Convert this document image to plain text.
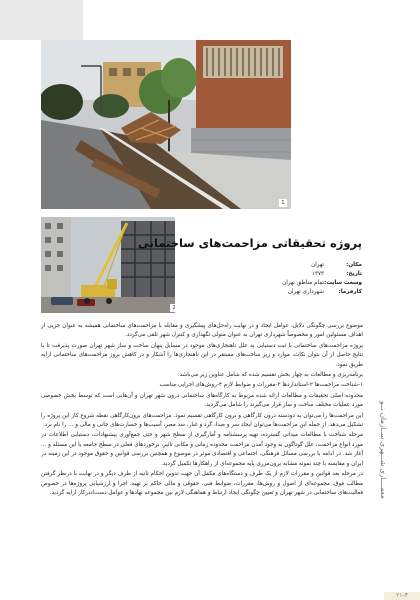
1
2
پروژه تحقیقاتی مزاحمت‌های ساختمانی
مکان:
تهران
تاریخ:
۱۳۷۳
وسعت سایت:
تمام مناطق تهران
کارفرما:
شهرداری تهران

موضوع بررسی چگونگی دلایل، عوامل ایجاد و در نهایت راه‌حل‌های پیشگیری و مقابله با مزاحمت‌های ساختمانی همیشه به عنوان جزیی از اهداف مسئولین امور و مخصوصاً شهرداری تهران به عنوان متولی نگهداری و کنترل شهر تلقی می‌گردد.

پروژه مزاحمت‌های ساختمانی با ثبت دستیابی به علل ناهنجاری‌های موجود در مسایل پنهان ساخت و ساز شهر تهران صورت پذیرفت تا با نتایج حاصل از آن بتوان نکات، موارد و زیر ساخت‌های مستقر در این ناهنجاری‌ها را آشکار و در کاهش بروز مزاحمت‌های ساختمانی ارایه طریق نمود.

برنامه‌ریزی و مطالعات به چهار بخش تقسیم شده که شامل عناوین زیر می‌باشد:

۱-شناخت مزاحمت‌ها ۲-استانداردها ۳-مقررات و ضوابط لازم ۴-روش‌های اجرایی مناسب

محدوده اصلی تحقیقات و مطالعات ارائه شده مربوط به کارگاه‌های ساختمانی درون شهر تهران و آن‌هایی است که توسط بخش خصوصی مورد عملیات مختلف ساخت و ساز قرار می‌گیرند را شامل می‌گردید.

این مزاحمت‌ها را می‌توان به دودسته درون کارگاهی و برون کارگاهی تقسیم نمود. مزاحمت‌های برون‌کارگاهی نقطه شروع کار این پروژه را تشکیل می‌دهد. از جمله این مزاحمت‌ها می‌توان ایجاد سر و صدا، گرد و غبار، سد معبر، آسیب‌ها و خسارت‌های جانی و مالی و ... را نام برد.

مرحله شناخت با مطالعات میدانی گسترده، تهیه پرسشنامه و آمارگیری از سطح شهر و حتی جمع‌آوری پیشنهادات، دستیابی اطلاعات در مورد انواع مزاحمت، علل گوناگون به وجود آمدن مزاحمت محدوده زمانی و مکانی تاثیر، برخوردهای فعلی در سطح جامعه با این مسئله و ... آغاز شد. در ادامه با بررسی مسائل فرهنگی، اجتماعی و اقتصادی موثر در موضوع و همچنین بررسی قوانین و حقوق موجود در این زمینه در ایران و مقایسه با چند نمونه مشابه برون‌مرزی پایه مجموعه‌ای از راهکارها تکمیل گردید.

در مرحله بعد قوانین و مقررات لازم از یک طرف و دستگاه‌های مکمل آن جهت تدوین احکام ثانیه از طرف دیگر و در نهایت با درنظر گرفتن مطالب فوق، مجموعه‌ای از اصول و روش‌ها، مقررات، ضوابط فنی، حقوقی و مالی حاکم بر تهیه، اجرا و ارزشیابی پروژه‌ها در خصوص فعالیت‌های ساختمانی در شهر تهران و تعیین چگونگی ایجاد ارتباط و هماهنگی لازم بین مجموعه نهادها و عوامل دست‌اندرکار ارایه گردید. معمــــاری شـــهری ســازمان نــو
۲۱-۴
